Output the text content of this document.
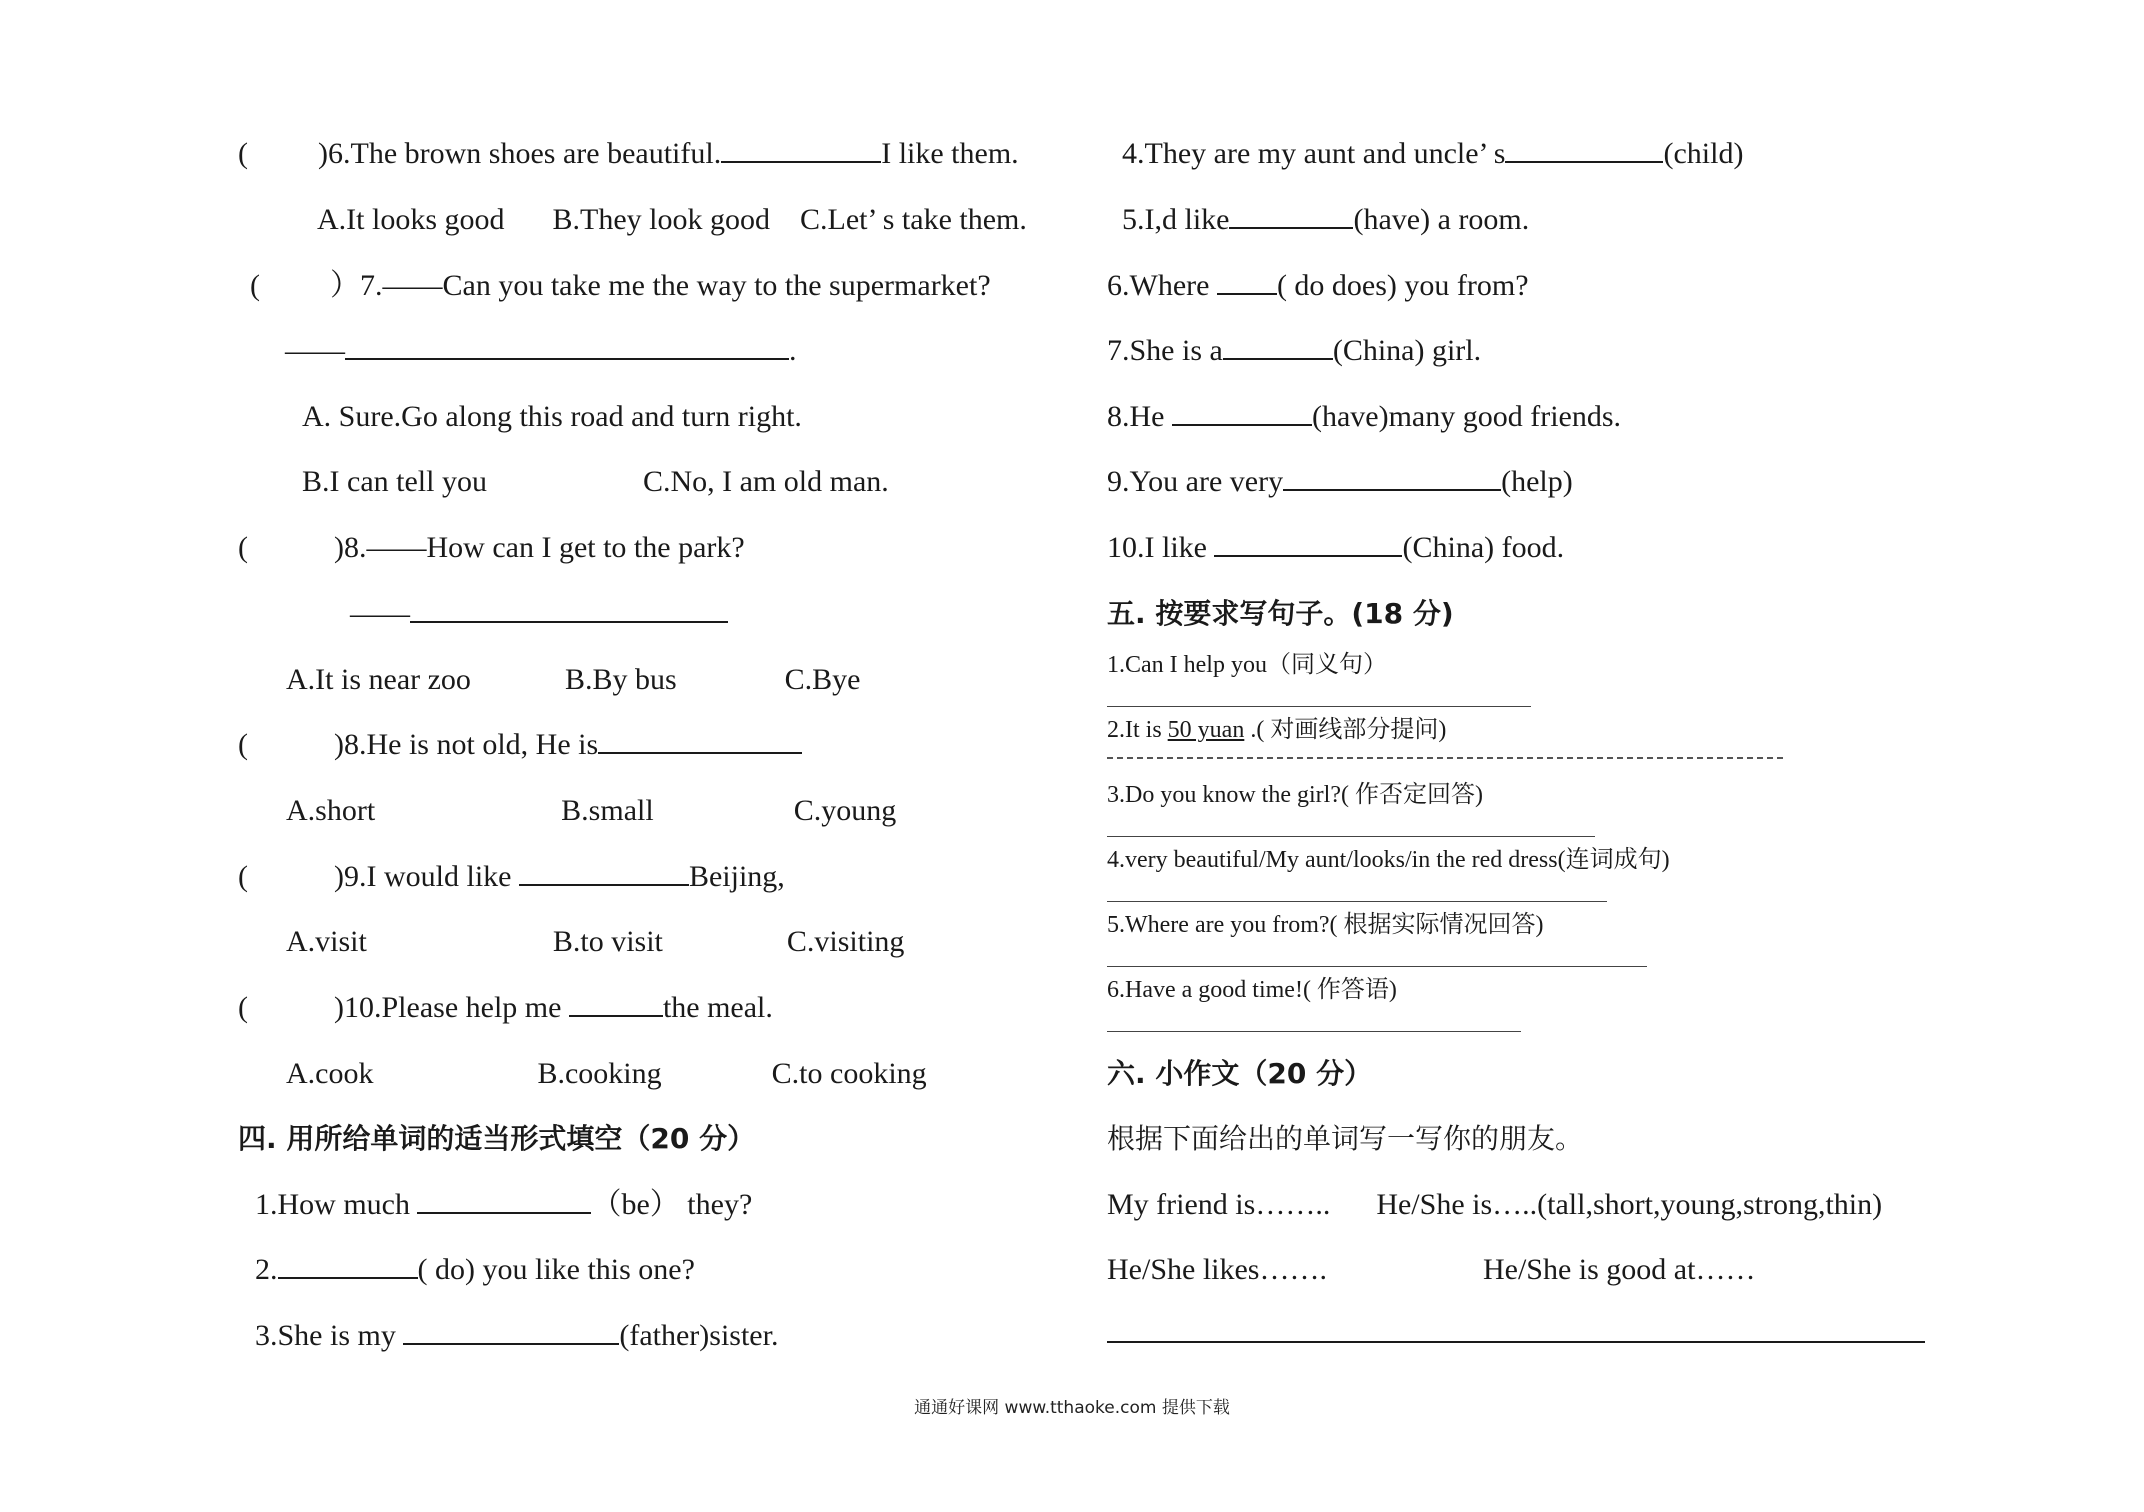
( )6.The brown shoes are beautiful.	I like them.
A.It looks good B.They look good C.Let’ s take them.
( ）7.——Can you take me the way to the supermarket?
——	.
A. Sure.Go along this road and turn right.
B.I can tell you	C.No, I am old man.
(	)8.——How can I get to the park?
——
A.It is near zoo	B.By bus	C.Bye
(	)8.He is not old, He is
A.short	B.small	C.young
(	)9.I would like	Beijing,
A.visit	B.to visit	C.visiting
(	)10.Please help me	the meal.
A.cook	B.cooking	C.to cooking
四. 用所给单词的适当形式填空（20 分）
1.How much	（be） they?
2.	( do) you like this one?
3.She is my	(father)sister.
4.They are my aunt and uncle’ s	(child)
5.I,d like	(have) a room.
6.Where ( do does) you from?
7.She is a	(China) girl.
8.He	(have)many good friends.
9.You are very	(help)
10.I like	(China) food.
五. 按要求写句子。(18 分)
1.Can I help you（同义句）
2.It is 50 yuan .( 对画线部分提问)
3.Do you know the girl?( 作否定回答)
4.very beautiful/My aunt/looks/in the red dress(连词成句)
5.Where are you from?( 根据实际情况回答)
6.Have a good time!( 作答语)
六. 小作文（20 分）
根据下面给出的单词写一写你的朋友。
My friend is…….. He/She is…..(tall,short,young,strong,thin)
He/She likes…….	He/She is good at……
通通好课网 www.tthaoke.com 提供下载
